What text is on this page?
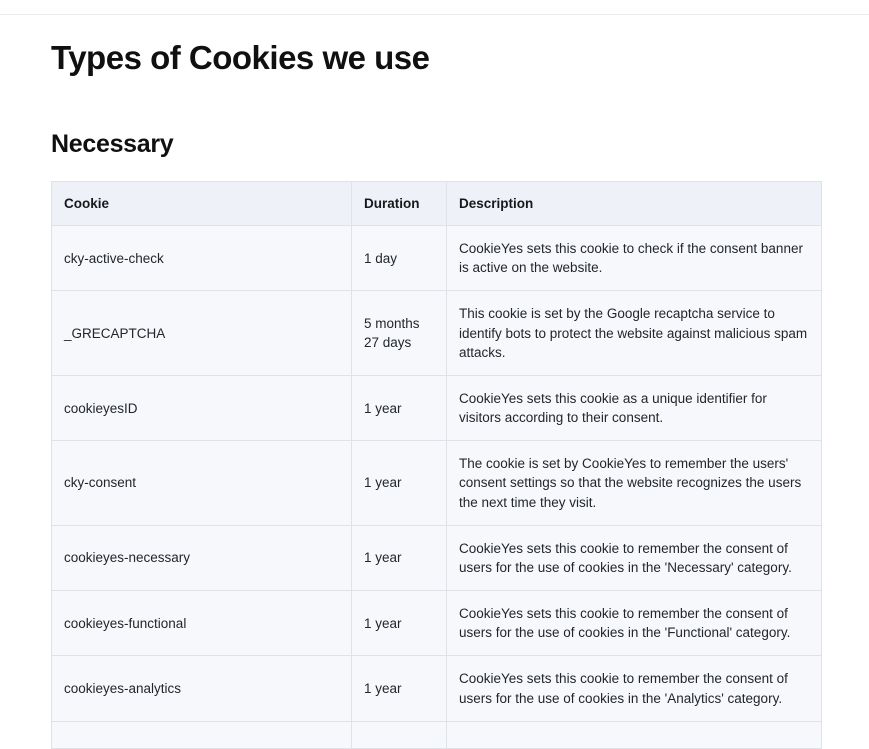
Types of Cookies we use
Necessary
Cookie	Duration	Description
cky-active-check	1 day	CookieYes sets this cookie to check if the consent banner is active on the website.
_GRECAPTCHA	5 months 27 days	This cookie is set by the Google recaptcha service to identify bots to protect the website against malicious spam attacks.
cookieyesID	1 year	CookieYes sets this cookie as a unique identifier for visitors according to their consent.
cky-consent	1 year	The cookie is set by CookieYes to remember the users' consent settings so that the website recognizes the users the next time they visit.
cookieyes-necessary	1 year	CookieYes sets this cookie to remember the consent of users for the use of cookies in the 'Necessary' category.
cookieyes-functional	1 year	CookieYes sets this cookie to remember the consent of users for the use of cookies in the 'Functional' category.
cookieyes-analytics	1 year	CookieYes sets this cookie to remember the consent of users for the use of cookies in the 'Analytics' category.
